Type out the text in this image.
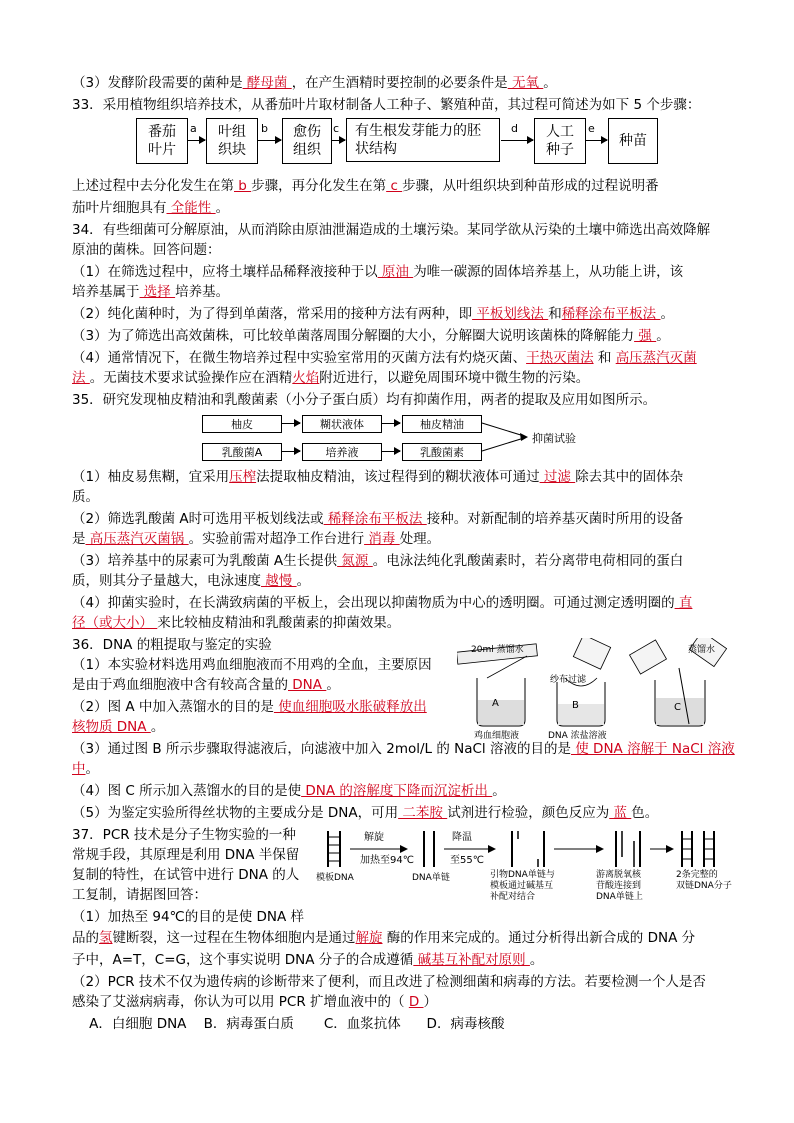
（3）发酵阶段需要的菌种是 酵母菌 ，在产生酒精时要控制的必要条件是 无氧 。
33．采用植物组织培养技术，从番茄叶片取材制备人工种子、繁殖种苗，其过程可简述为如下 5 个步骤：
番茄
叶片
a	叶组
织块
b	愈伤
组织
c	有生根发芽能力的胚
状结构
d	人工
种子
e
种苗
上述过程中去分化发生在第 b 步骤，再分化发生在第 c 步骤，从叶组织块到种苗形成的过程说明番
茄叶片细胞具有 全能性 。
34．有些细菌可分解原油，从而消除由原油泄漏造成的土壤污染。某同学欲从污染的土壤中筛选出高效降解
原油的菌株。回答问题：
（1）在筛选过程中，应将土壤样品稀释液接种于以 原油 为唯一碳源的固体培养基上，从功能上讲，该
培养基属于 选择 培养基。
（2）纯化菌种时，为了得到单菌落，常采用的接种方法有两种，即 平板划线法 和稀释涂布平板法 。
（3）为了筛选出高效菌株，可比较单菌落周围分解圈的大小，分解圈大说明该菌株的降解能力 强 。
（4）通常情况下，在微生物培养过程中实验室常用的灭菌方法有灼烧灭菌、干热灭菌法 和 高压蒸汽灭菌
法 。无菌技术要求试验操作应在酒精火焰附近进行，以避免周围环境中微生物的污染。
35．研究发现柚皮精油和乳酸菌素（小分子蛋白质）均有抑菌作用，两者的提取及应用如图所示。
柚皮	糊状液体	柚皮精油
乳酸菌A	培养液	乳酸菌素
抑菌试验
（1）柚皮易焦糊，宜采用压榨法提取柚皮精油，该过程得到的糊状液体可通过 过滤 除去其中的固体杂
质。
（2）筛选乳酸菌 A时可选用平板划线法或 稀释涂布平板法 接种。对新配制的培养基灭菌时所用的设备
是 高压蒸汽灭菌锅 。实验前需对超净工作台进行 消毒 处理。
（3）培养基中的尿素可为乳酸菌 A生长提供 氮源 。电泳法纯化乳酸菌素时，若分离带电荷相同的蛋白
质，则其分子量越大，电泳速度 越慢 。
（4）抑菌实验时，在长满致病菌的平板上，会出现以抑菌物质为中心的透明圈。可通过测定透明圈的 直
径（或大小） 来比较柚皮精油和乳酸菌素的抑菌效果。
36．DNA 的粗提取与鉴定的实验
（1）本实验材料选用鸡血细胞液而不用鸡的全血，主要原因
是由于鸡血细胞液中含有较高含量的 DNA 。
（2）图 A 中加入蒸馏水的目的是 使血细胞吸水胀破释放出
核物质 DNA 。
20ml 蒸馏水
纱布过滤
蒸馏水
A	B	C
鸡血细胞液	DNA 浓盐溶液
（3）通过图 B 所示步骤取得滤液后，向滤液中加入 2mol/L 的 NaCl 溶液的目的是 使 DNA 溶解于 NaCl 溶液
中。
（4）图 C 所示加入蒸馏水的目的是使 DNA 的溶解度下降而沉淀析出 。
（5）为鉴定实验所得丝状物的主要成分是 DNA，可用 二苯胺 试剂进行检验，颜色反应为 蓝 色。
37．PCR 技术是分子生物实验的一种
常规手段，其原理是利用 DNA 半保留
复制的特性，在试管中进行 DNA 的人
工复制，请据图回答：
（1）加热至 94℃的目的是使 DNA 样
解旋
加热至94℃
降温
至55℃
模板DNA	DNA单链	引物DNA单链与
模板通过碱基互
补配对结合
游离脱氧核
苷酸连接到
DNA单链上
2条完整的
双链DNA分子
品的氢键断裂，这一过程在生物体细胞内是通过解旋 酶的作用来完成的。通过分析得出新合成的 DNA 分
子中，A=T，C=G，这个事实说明 DNA 分子的合成遵循 碱基互补配对原则 。
（2）PCR 技术不仅为遗传病的诊断带来了便利，而且改进了检测细菌和病毒的方法。若要检测一个人是否
感染了艾滋病病毒，你认为可以用 PCR 扩增血液中的（ D ）
A．白细胞 DNA    B．病毒蛋白质       C．血浆抗体      D．病毒核酸
